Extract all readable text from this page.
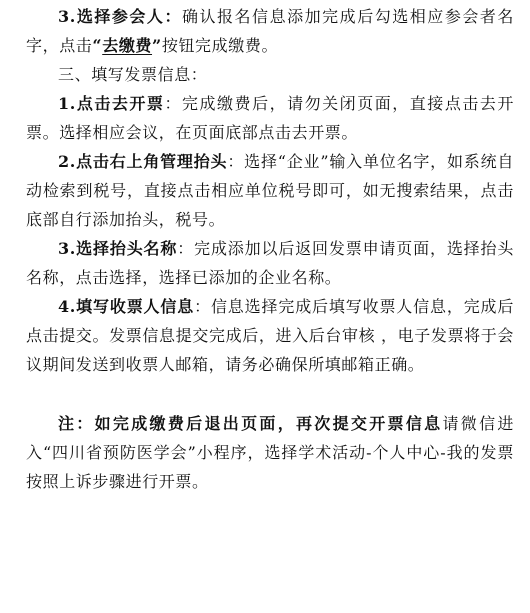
3.选择参会人：确认报名信息添加完成后勾选相应参会者名字，点击“去缴费”按钮完成缴费。

三、填写发票信息：

1.点击去开票：完成缴费后，请勿关闭页面，直接点击去开票。选择相应会议，在页面底部点击去开票。

2.点击右上角管理抬头：选择“企业”输入单位名字，如系统自动检索到税号，直接点击相应单位税号即可，如无搜索结果，点击底部自行添加抬头，税号。

3.选择抬头名称：完成添加以后返回发票申请页面，选择抬头名称，点击选择，选择已添加的企业名称。

4.填写收票人信息：信息选择完成后填写收票人信息，完成后点击提交。发票信息提交完成后，进入后台审核 ，电子发票将于会议期间发送到收票人邮箱，请务必确保所填邮箱正确。

注：如完成缴费后退出页面，再次提交开票信息请微信进入“四川省预防医学会”小程序，选择学术活动-个人中心-我的发票按照上诉步骤进行开票。
